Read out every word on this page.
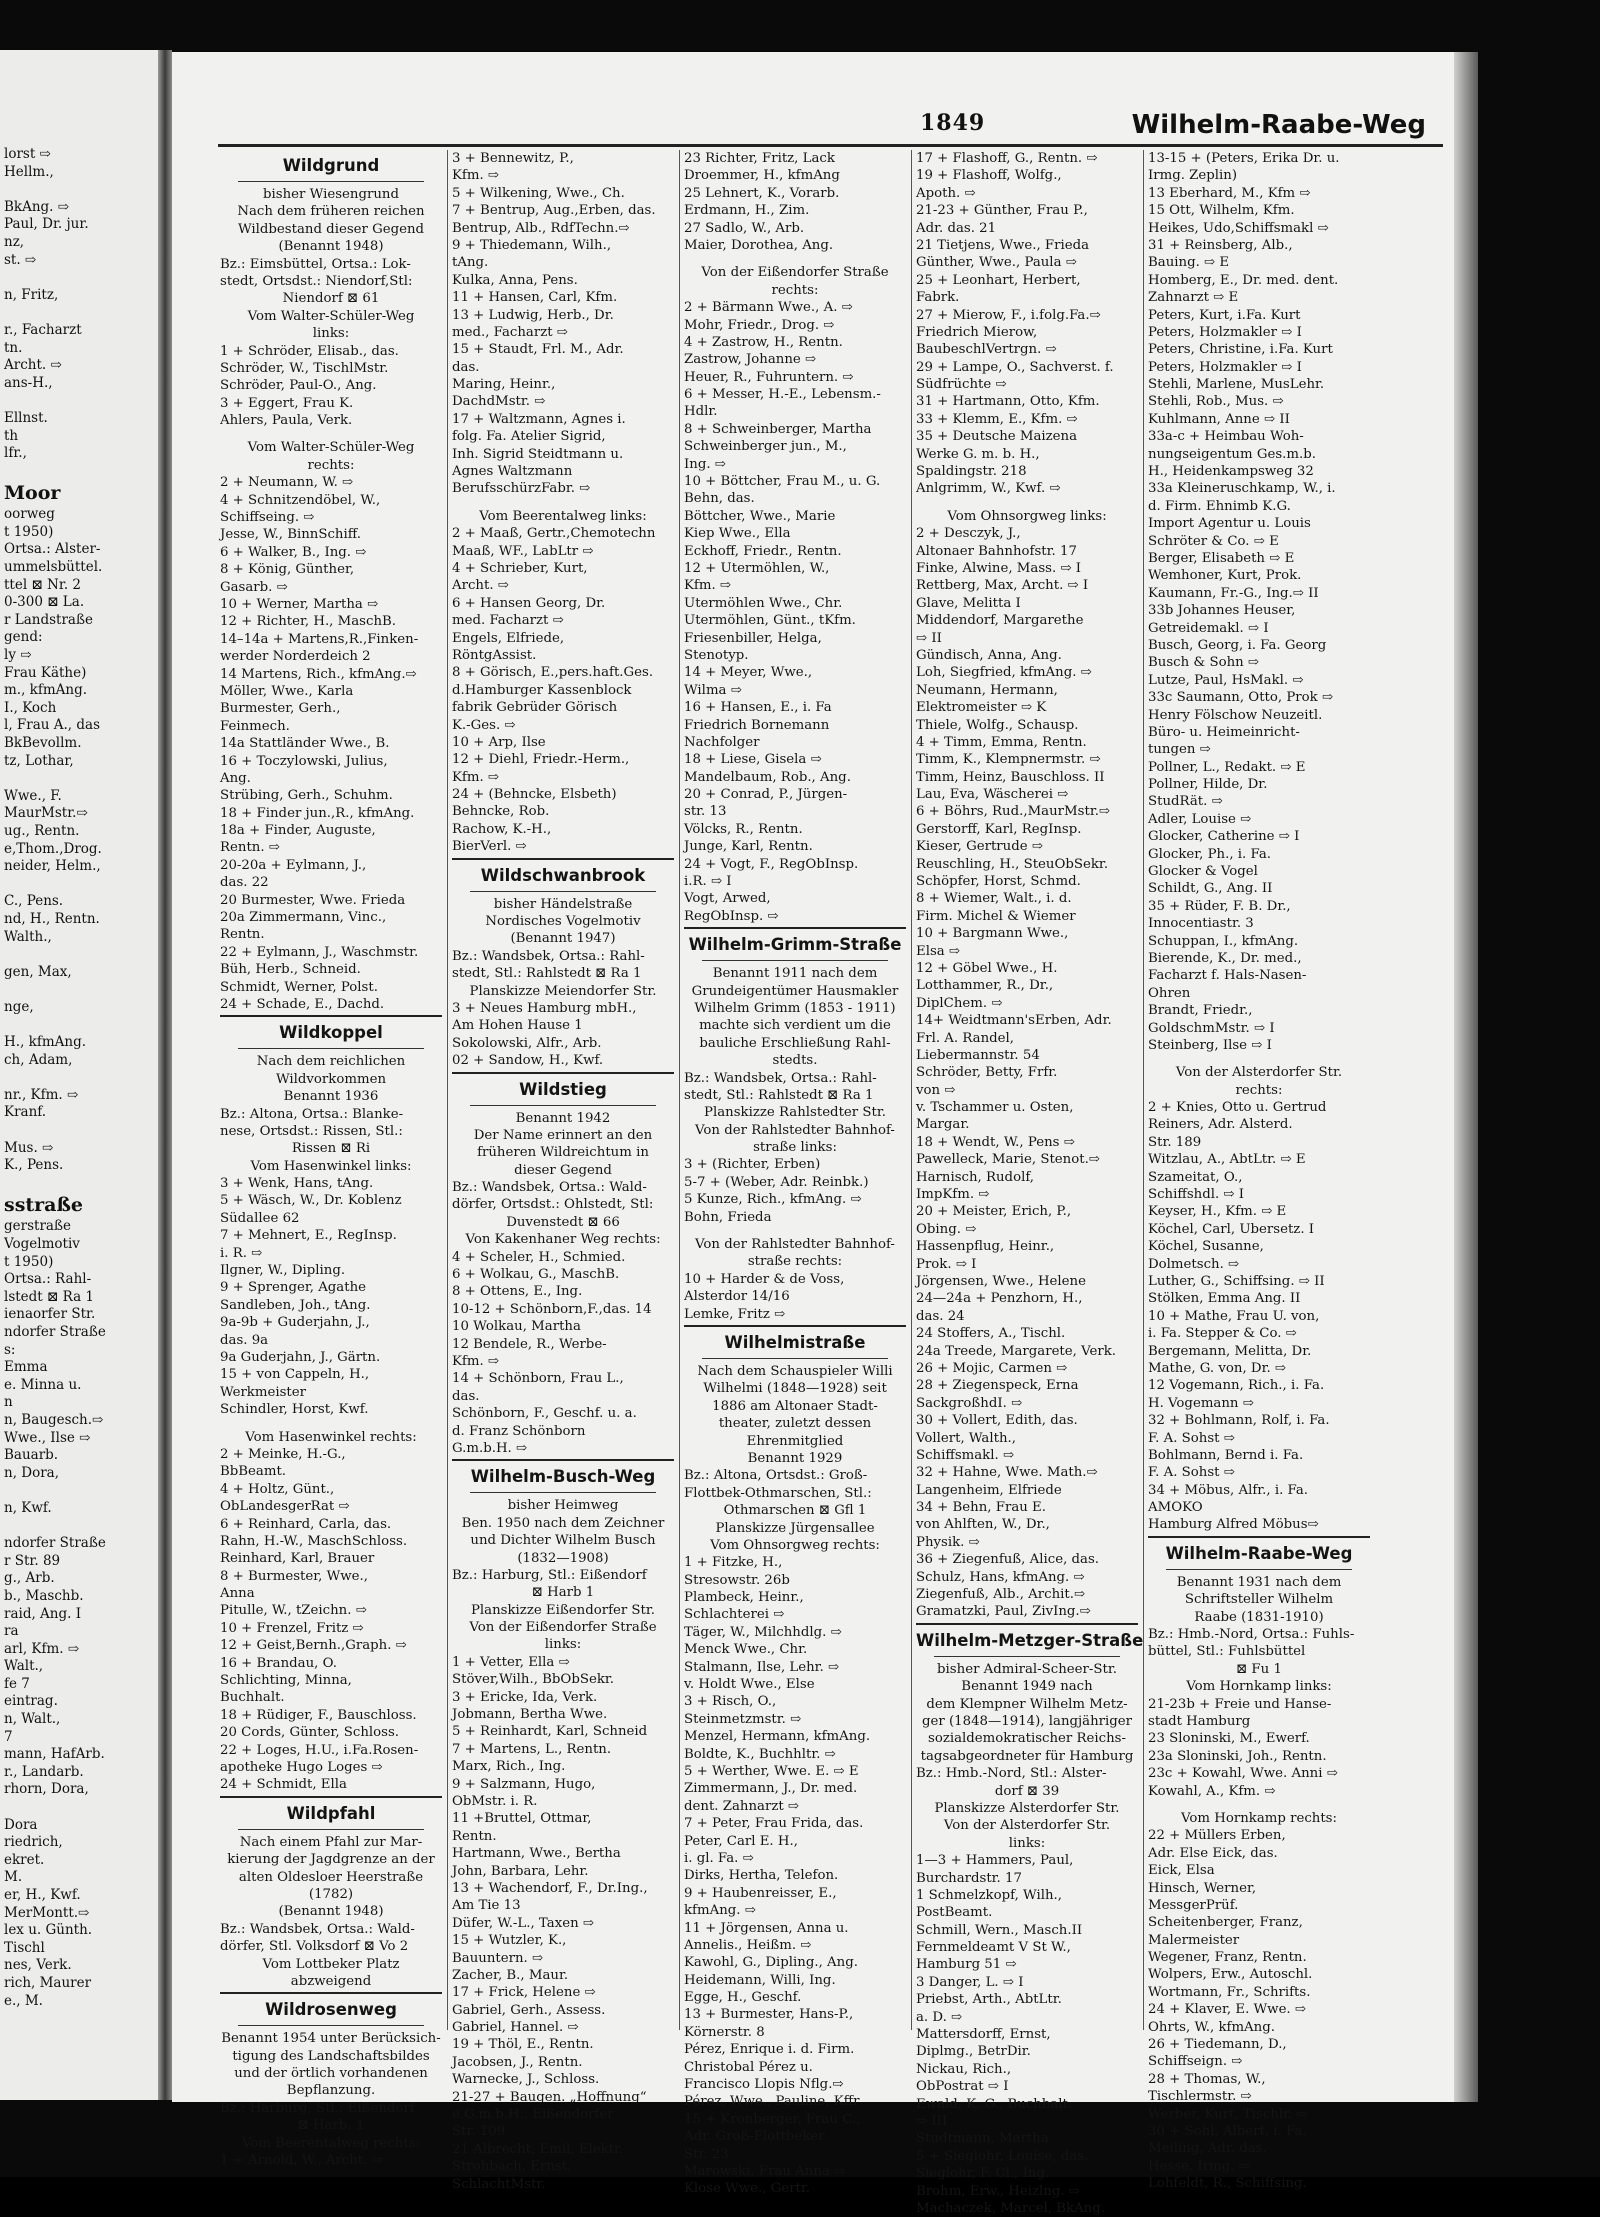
lorst ⇨
Hellm.,
BkAng. ⇨
Paul, Dr. jur.
nz,
st. ⇨
n, Fritz,
r., Facharzt
tn.
Archt. ⇨
ans-H.,
Ellnst.
th
lfr.,
Moor
oorweg
t 1950)
Ortsa.: Alster-
ummelsbüttel.
ttel ⊠ Nr. 2
0-300 ⊠ La.
r Landstraße
gend:
ly ⇨
Frau Käthe)
m., kfmAng.
I., Koch
l, Frau A., das
BkBevollm.
tz, Lothar,
Wwe., F.
MaurMstr.⇨
ug., Rentn.
e,Thom.,Drog.
neider, Helm.,
C., Pens.
nd, H., Rentn.
Walth.,
gen, Max,
nge,
H., kfmAng.
ch, Adam,
nr., Kfm. ⇨
Kranf.
Mus. ⇨
K., Pens.
sstraße
gerstraße
Vogelmotiv
t 1950)
Ortsa.: Rahl-
lstedt ⊠ Ra 1
ienaorfer Str.
ndorfer Straße
s:
Emma
e. Minna u.
n
n, Baugesch.⇨
Wwe., Ilse ⇨
Bauarb.
n, Dora,
n, Kwf.
ndorfer Straße
r Str. 89
g., Arb.
b., Maschb.
raid, Ang. I
ra
arl, Kfm. ⇨
Walt.,
fe 7
eintrag.
n, Walt.,
7
mann, HafArb.
r., Landarb.
rhorn, Dora,
Dora
riedrich,
ekret.
M.
er, H., Kwf.
MerMontt.⇨
lex u. Günth.
Tischl
nes, Verk.
rich, Maurer
e., M.
1849	Wilhelm-Raabe-Weg
Wildgrund
bisher Wiesengrund
Nach dem früheren reichen
Wildbestand dieser Gegend
(Benannt 1948)
Bz.: Eimsbüttel, Ortsa.: Lok-
stedt, Ortsdst.: Niendorf,Stl:
Niendorf ⊠ 61
Vom Walter-Schüler-Weg
links:
1 + Schröder, Elisab., das.
Schröder, W., TischlMstr.
Schröder, Paul-O., Ang.
3 + Eggert, Frau K.
Ahlers, Paula, Verk.
Vom Walter-Schüler-Weg
rechts:
2 + Neumann, W. ⇨
4 + Schnitzendöbel, W.,
Schiffseing. ⇨
Jesse, W., BinnSchiff.
6 + Walker, B., Ing. ⇨
8 + König, Günther,
Gasarb. ⇨
10 + Werner, Martha ⇨
12 + Richter, H., MaschB.
14–14a + Martens,R.,Finken-
werder Norderdeich 2
14 Martens, Rich., kfmAng.⇨
Möller, Wwe., Karla
Burmester, Gerh.,
Feinmech.
14a Stattländer Wwe., B.
16 + Toczylowski, Julius,
Ang.
Strübing, Gerh., Schuhm.
18 + Finder jun.,R., kfmAng.
18a + Finder, Auguste,
Rentn. ⇨
20-20a + Eylmann, J.,
das. 22
20 Burmester, Wwe. Frieda
20a Zimmermann, Vinc.,
Rentn.
22 + Eylmann, J., Waschmstr.
Büh, Herb., Schneid.
Schmidt, Werner, Polst.
24 + Schade, E., Dachd.
Wildkoppel
Nach dem reichlichen
Wildvorkommen
Benannt 1936
Bz.: Altona, Ortsa.: Blanke-
nese, Ortsdst.: Rissen, Stl.:
Rissen ⊠ Ri
Vom Hasenwinkel links:
3 + Wenk, Hans, tAng.
5 + Wäsch, W., Dr. Koblenz
Südallee 62
7 + Mehnert, E., RegInsp.
i. R. ⇨
Ilgner, W., Dipling.
9 + Sprenger, Agathe
Sandleben, Joh., tAng.
9a-9b + Guderjahn, J.,
das. 9a
9a Guderjahn, J., Gärtn.
15 + von Cappeln, H.,
Werkmeister
Schindler, Horst, Kwf.
Vom Hasenwinkel rechts:
2 + Meinke, H.-G.,
BbBeamt.
4 + Holtz, Günt.,
ObLandesgerRat ⇨
6 + Reinhard, Carla, das.
Rahn, H.-W., MaschSchloss.
Reinhard, Karl, Brauer
8 + Burmester, Wwe.,
Anna
Pitulle, W., tZeichn. ⇨
10 + Frenzel, Fritz ⇨
12 + Geist,Bernh.,Graph. ⇨
16 + Brandau, O.
Schlichting, Minna,
Buchhalt.
18 + Rüdiger, F., Bauschloss.
20 Cords, Günter, Schloss.
22 + Loges, H.U., i.Fa.Rosen-
apotheke Hugo Loges ⇨
24 + Schmidt, Ella
Wildpfahl
Nach einem Pfahl zur Mar-
kierung der Jagdgrenze an der
alten Oldesloer Heerstraße
(1782)
(Benannt 1948)
Bz.: Wandsbek, Ortsa.: Wald-
dörfer, Stl. Volksdorf ⊠ Vo 2
Vom Lottbeker Platz
abzweigend
Wildrosenweg
Benannt 1954 unter Berücksich-
tigung des Landschaftsbildes
und der örtlich vorhandenen
Bepflanzung.
Bz.: Harburg, Stl.: Eißendorf
⊠ Harb. 1
Vom Beerentalweg rechts:
1 + Arnold, W., Archt. ⇨
3 + Bennewitz, P.,
Kfm. ⇨
5 + Wilkening, Wwe., Ch.
7 + Bentrup, Aug.,Erben, das.
Bentrup, Alb., RdfTechn.⇨
9 + Thiedemann, Wilh.,
tAng.
Kulka, Anna, Pens.
11 + Hansen, Carl, Kfm.
13 + Ludwig, Herb., Dr.
med., Facharzt ⇨
15 + Staudt, Frl. M., Adr.
das.
Maring, Heinr.,
DachdMstr. ⇨
17 + Waltzmann, Agnes i.
folg. Fa. Atelier Sigrid,
Inh. Sigrid Steidtmann u.
Agnes Waltzmann
BerufsschürzFabr. ⇨
Vom Beerentalweg links:
2 + Maaß, Gertr.,Chemotechn
Maaß, WF., LabLtr ⇨
4 + Schrieber, Kurt,
Archt. ⇨
6 + Hansen Georg, Dr.
med. Facharzt ⇨
Engels, Elfriede,
RöntgAssist.
8 + Görisch, E.,pers.haft.Ges.
d.Hamburger Kassenblock
fabrik Gebrüder Görisch
K.-Ges. ⇨
10 + Arp, Ilse
12 + Diehl, Friedr.-Herm.,
Kfm. ⇨
24 + (Behncke, Elsbeth)
Behncke, Rob.
Rachow, K.-H.,
BierVerl. ⇨
Wildschwanbrook
bisher Händelstraße
Nordisches Vogelmotiv
(Benannt 1947)
Bz.: Wandsbek, Ortsa.: Rahl-
stedt, Stl.: Rahlstedt ⊠ Ra 1
Planskizze Meiendorfer Str.
3 + Neues Hamburg mbH.,
Am Hohen Hause 1
Sokolowski, Alfr., Arb.
02 + Sandow, H., Kwf.
Wildstieg
Benannt 1942
Der Name erinnert an den
früheren Wildreichtum in
dieser Gegend
Bz.: Wandsbek, Ortsa.: Wald-
dörfer, Ortsdst.: Ohlstedt, Stl:
Duvenstedt ⊠ 66
Von Kakenhaner Weg rechts:
4 + Scheler, H., Schmied.
6 + Wolkau, G., MaschB.
8 + Ottens, E., Ing.
10-12 + Schönborn,F.,das. 14
10 Wolkau, Martha
12 Bendele, R., Werbe-
Kfm. ⇨
14 + Schönborn, Frau L.,
das.
Schönborn, F., Geschf. u. a.
d. Franz Schönborn
G.m.b.H. ⇨
Wilhelm-Busch-Weg
bisher Heimweg
Ben. 1950 nach dem Zeichner
und Dichter Wilhelm Busch
(1832—1908)
Bz.: Harburg, Stl.: Eißendorf
⊠ Harb 1
Planskizze Eißendorfer Str.
Von der Eißendorfer Straße
links:
1 + Vetter, Ella ⇨
Stöver,Wilh., BbObSekr.
3 + Ericke, Ida, Verk.
Jobmann, Bertha Wwe.
5 + Reinhardt, Karl, Schneid
7 + Martens, L., Rentn.
Marx, Rich., Ing.
9 + Salzmann, Hugo,
ObMstr. i. R.
11 +Bruttel, Ottmar,
Rentn.
Hartmann, Wwe., Bertha
John, Barbara, Lehr.
13 + Wachendorf, F., Dr.Ing.,
Am Tie 13
Düfer, W.-L., Taxen ⇨
15 + Wutzler, K.,
Bauuntern. ⇨
Zacher, B., Maur.
17 + Frick, Helene ⇨
Gabriel, Gerh., Assess.
Gabriel, Hannel. ⇨
19 + Thöl, E., Rentn.
Jacobsen, J., Rentn.
Warnecke, J., Schloss.
21-27 + Baugen. „Hoffnung“
e.G.m.b.H., Eißendorfer
Str. 109
21 Albrecht, Emil, Elektr.
Strohbach, Ernst,
SchlachtMstr.
23 Richter, Fritz, Lack
Droemmer, H., kfmAng
25 Lehnert, K., Vorarb.
Erdmann, H., Zim.
27 Sadlo, W., Arb.
Maier, Dorothea, Ang.
Von der Eißendorfer Straße
rechts:
2 + Bärmann Wwe., A. ⇨
Mohr, Friedr., Drog. ⇨
4 + Zastrow, H., Rentn.
Zastrow, Johanne ⇨
Heuer, R., Fuhruntern. ⇨
6 + Messer, H.-E., Lebensm.-
Hdlr.
8 + Schweinberger, Martha
Schweinberger jun., M.,
Ing. ⇨
10 + Böttcher, Frau M., u. G.
Behn, das.
Böttcher, Wwe., Marie
Kiep Wwe., Ella
Eckhoff, Friedr., Rentn.
12 + Utermöhlen, W.,
Kfm. ⇨
Utermöhlen Wwe., Chr.
Utermöhlen, Günt., tKfm.
Friesenbiller, Helga,
Stenotyp.
14 + Meyer, Wwe.,
Wilma ⇨
16 + Hansen, E., i. Fa
Friedrich Bornemann
Nachfolger
18 + Liese, Gisela ⇨
Mandelbaum, Rob., Ang.
20 + Conrad, P., Jürgen-
str. 13
Völcks, R., Rentn.
Junge, Karl, Rentn.
24 + Vogt, F., RegObInsp.
i.R. ⇨ I
Vogt, Arwed,
RegObInsp. ⇨
Wilhelm-Grimm-Straße
Benannt 1911 nach dem
Grundeigentümer Hausmakler
Wilhelm Grimm (1853 - 1911)
machte sich verdient um die
bauliche Erschließung Rahl-
stedts.
Bz.: Wandsbek, Ortsa.: Rahl-
stedt, Stl.: Rahlstedt ⊠ Ra 1
Planskizze Rahlstedter Str.
Von der Rahlstedter Bahnhof-
straße links:
3 + (Richter, Erben)
5-7 + (Weber, Adr. Reinbk.)
5 Kunze, Rich., kfmAng. ⇨
Bohn, Frieda
Von der Rahlstedter Bahnhof-
straße rechts:
10 + Harder & de Voss,
Alsterdor 14/16
Lemke, Fritz ⇨
Wilhelmistraße
Nach dem Schauspieler Willi
Wilhelmi (1848—1928) seit
1886 am Altonaer Stadt-
theater, zuletzt dessen
Ehrenmitglied
Benannt 1929
Bz.: Altona, Ortsdst.: Groß-
Flottbek-Othmarschen, Stl.:
Othmarschen ⊠ Gfl 1
Planskizze Jürgensallee
Vom Ohnsorgweg rechts:
1 + Fitzke, H.,
Stresowstr. 26b
Plambeck, Heinr.,
Schlachterei ⇨
Täger, W., Milchhdlg. ⇨
Menck Wwe., Chr.
Stalmann, Ilse, Lehr. ⇨
v. Holdt Wwe., Else
3 + Risch, O.,
Steinmetzmstr. ⇨
Menzel, Hermann, kfmAng.
Boldte, K., Buchhltr. ⇨
5 + Werther, Wwe. E. ⇨ E
Zimmermann, J., Dr. med.
dent. Zahnarzt ⇨
7 + Peter, Frau Frida, das.
Peter, Carl E. H.,
i. gl. Fa. ⇨
Dirks, Hertha, Telefon.
9 + Haubenreisser, E.,
kfmAng. ⇨
11 + Jörgensen, Anna u.
Annelis., Heißm. ⇨
Kawohl, G., Dipling., Ang.
Heidemann, Willi, Ing.
Egge, H., Geschf.
13 + Burmester, Hans-P.,
Körnerstr. 8
Pérez, Enrique i. d. Firm.
Christobal Pérez u.
Francisco Llopis Nflg.⇨
Pérez, Wwe., Pauline, Kffr
15 + Kronberger, Frau C.,
Adr. Groß-Flottbeker
Str. 23
Marowski, Frau Anna ⇨
Klose Wwe., Gertr.
17 + Flashoff, G., Rentn. ⇨
19 + Flashoff, Wolfg.,
Apoth. ⇨
21-23 + Günther, Frau P.,
Adr. das. 21
21 Tietjens, Wwe., Frieda
Günther, Wwe., Paula ⇨
25 + Leonhart, Herbert,
Fabrk.
27 + Mierow, F., i.folg.Fa.⇨
Friedrich Mierow,
BaubeschlVertrgn. ⇨
29 + Lampe, O., Sachverst. f.
Südfrüchte ⇨
31 + Hartmann, Otto, Kfm.
33 + Klemm, E., Kfm. ⇨
35 + Deutsche Maizena
Werke G. m. b. H.,
Spaldingstr. 218
Anlgrimm, W., Kwf. ⇨
Vom Ohnsorgweg links:
2 + Desczyk, J.,
Altonaer Bahnhofstr. 17
Finke, Alwine, Mass. ⇨ I
Rettberg, Max, Archt. ⇨ I
Glave, Melitta I
Middendorf, Margarethe
⇨ II
Gündisch, Anna, Ang.
Loh, Siegfried, kfmAng. ⇨
Neumann, Hermann,
Elektromeister ⇨ K
Thiele, Wolfg., Schausp.
4 + Timm, Emma, Rentn.
Timm, K., Klempnermstr. ⇨
Timm, Heinz, Bauschloss. II
Lau, Eva, Wäscherei ⇨
6 + Böhrs, Rud.,MaurMstr.⇨
Gerstorff, Karl, RegInsp.
Kieser, Gertrude ⇨
Reuschling, H., SteuObSekr.
Schöpfer, Horst, Schmd.
8 + Wiemer, Walt., i. d.
Firm. Michel & Wiemer
10 + Bargmann Wwe.,
Elsa ⇨
12 + Göbel Wwe., H.
Lotthammer, R., Dr.,
DiplChem. ⇨
14+ Weidtmann'sErben, Adr.
Frl. A. Randel,
Liebermannstr. 54
Schröder, Betty, Frfr.
von ⇨
v. Tschammer u. Osten,
Margar.
18 + Wendt, W., Pens ⇨
Pawelleck, Marie, Stenot.⇨
Harnisch, Rudolf,
ImpKfm. ⇨
20 + Meister, Erich, P.,
Obing. ⇨
Hassenpflug, Heinr.,
Prok. ⇨ I
Jörgensen, Wwe., Helene
24—24a + Penzhorn, H.,
das. 24
24 Stoffers, A., Tischl.
24a Treede, Margarete, Verk.
26 + Mojic, Carmen ⇨
28 + Ziegenspeck, Erna
SackgroßhdI. ⇨
30 + Vollert, Edith, das.
Vollert, Walth.,
Schiffsmakl. ⇨
32 + Hahne, Wwe. Math.⇨
Langenheim, Elfriede
34 + Behn, Frau E.
von Ahlften, W., Dr.,
Physik. ⇨
36 + Ziegenfuß, Alice, das.
Schulz, Hans, kfmAng. ⇨
Ziegenfuß, Alb., Archit.⇨
Gramatzki, Paul, ZivIng.⇨
Wilhelm-Metzger-Straße
bisher Admiral-Scheer-Str.
Benannt 1949 nach
dem Klempner Wilhelm Metz-
ger (1848—1914), langjähriger
sozialdemokratischer Reichs-
tagsabgeordneter für Hamburg
Bz.: Hmb.-Nord, Stl.: Alster-
dorf ⊠ 39
Planskizze Alsterdorfer Str.
Von der Alsterdorfer Str.
links:
1—3 + Hammers, Paul,
Burchardstr. 17
1 Schmelzkopf, Wilh.,
PostBeamt.
Schmill, Wern., Masch.II
Fernmeldeamt V St W.,
Hamburg 51 ⇨
3 Danger, L. ⇨ I
Priebst, Arth., AbtLtr.
a. D. ⇨
Mattersdorff, Ernst,
Diplmg., BetrDir.
Nickau, Rich.,
ObPostrat ⇨ I
Ewald, K. G., Buchhalt.
⇨ III
Studtmann, Martha
5 + Sieglohr, Louise, das.
Sieglohr, F. Cl., Ing.
Brohm, Erw., Heizlng. ⇨
Machaczek, Marcel, BkAng.
13-15 + (Peters, Erika Dr. u.
Irmg. Zeplin)
13 Eberhard, M., Kfm ⇨
15 Ott, Wilhelm, Kfm.
Heikes, Udo,Schiffsmakl ⇨
31 + Reinsberg, Alb.,
Bauing. ⇨ E
Homberg, E., Dr. med. dent.
Zahnarzt ⇨ E
Peters, Kurt, i.Fa. Kurt
Peters, Holzmakler ⇨ I
Peters, Christine, i.Fa. Kurt
Peters, Holzmakler ⇨ I
Stehli, Marlene, MusLehr.
Stehli, Rob., Mus. ⇨
Kuhlmann, Anne ⇨ II
33a-c + Heimbau Woh-
nungseigentum Ges.m.b.
H., Heidenkampsweg 32
33a Kleineruschkamp, W., i.
d. Firm. Ehnimb K.G.
Import Agentur u. Louis
Schröter & Co. ⇨ E
Berger, Elisabeth ⇨ E
Wemhoner, Kurt, Prok.
Kaumann, Fr.-G., Ing.⇨ II
33b Johannes Heuser,
Getreidemakl. ⇨ I
Busch, Georg, i. Fa. Georg
Busch & Sohn ⇨
Lutze, Paul, HsMakl. ⇨
33c Saumann, Otto, Prok ⇨
Henry Fölschow Neuzeitl.
Büro- u. Heimeinricht-
tungen ⇨
Pollner, L., Redakt. ⇨ E
Pollner, Hilde, Dr.
StudRät. ⇨
Adler, Louise ⇨
Glocker, Catherine ⇨ I
Glocker, Ph., i. Fa.
Glocker & Vogel
Schildt, G., Ang. II
35 + Rüder, F. B. Dr.,
Innocentiastr. 3
Schuppan, I., kfmAng.
Bierende, K., Dr. med.,
Facharzt f. Hals-Nasen-
Ohren
Brandt, Friedr.,
GoldschmMstr. ⇨ I
Steinberg, Ilse ⇨ I
Von der Alsterdorfer Str.
rechts:
2 + Knies, Otto u. Gertrud
Reiners, Adr. Alsterd.
Str. 189
Witzlau, A., AbtLtr. ⇨ E
Szameitat, O.,
Schiffshdl. ⇨ I
Keyser, H., Kfm. ⇨ E
Köchel, Carl, Ubersetz. I
Köchel, Susanne,
Dolmetsch. ⇨
Luther, G., Schiffsing. ⇨ II
Stölken, Emma Ang. II
10 + Mathe, Frau U. von,
i. Fa. Stepper & Co. ⇨
Bergemann, Melitta, Dr.
Mathe, G. von, Dr. ⇨
12 Vogemann, Rich., i. Fa.
H. Vogemann ⇨
32 + Bohlmann, Rolf, i. Fa.
F. A. Sohst ⇨
Bohlmann, Bernd i. Fa.
F. A. Sohst ⇨
34 + Möbus, Alfr., i. Fa.
AMOKO
Hamburg Alfred Möbus⇨
Wilhelm-Raabe-Weg
Benannt 1931 nach dem
Schriftsteller Wilhelm
Raabe (1831-1910)
Bz.: Hmb.-Nord, Ortsa.: Fuhls-
büttel, Stl.: Fuhlsbüttel
⊠ Fu 1
Vom Hornkamp links:
21-23b + Freie und Hanse-
stadt Hamburg
23 Sloninski, M., Ewerf.
23a Sloninski, Joh., Rentn.
23c + Kowahl, Wwe. Anni ⇨
Kowahl, A., Kfm. ⇨
Vom Hornkamp rechts:
22 + Müllers Erben,
Adr. Else Eick, das.
Eick, Elsa
Hinsch, Werner,
MessgerPrüf.
Scheitenberger, Franz,
Malermeister
Wegener, Franz, Rentn.
Wolpers, Erw., Autoschl.
Wortmann, Fr., Schrifts.
24 + Klaver, E. Wwe. ⇨
Ohrts, W., kfmAng.
26 + Tiedemann, D.,
Schiffseign. ⇨
28 + Thomas, W.,
Tischlermstr. ⇨
Werber, Kurt, Tischlr. ⇨
30 + Sohl, Albert, i. Fa.
Meiling, Adr. das.
Hesse, Irmg. ⇨
Lohfeldt, R., Schiffsing.
